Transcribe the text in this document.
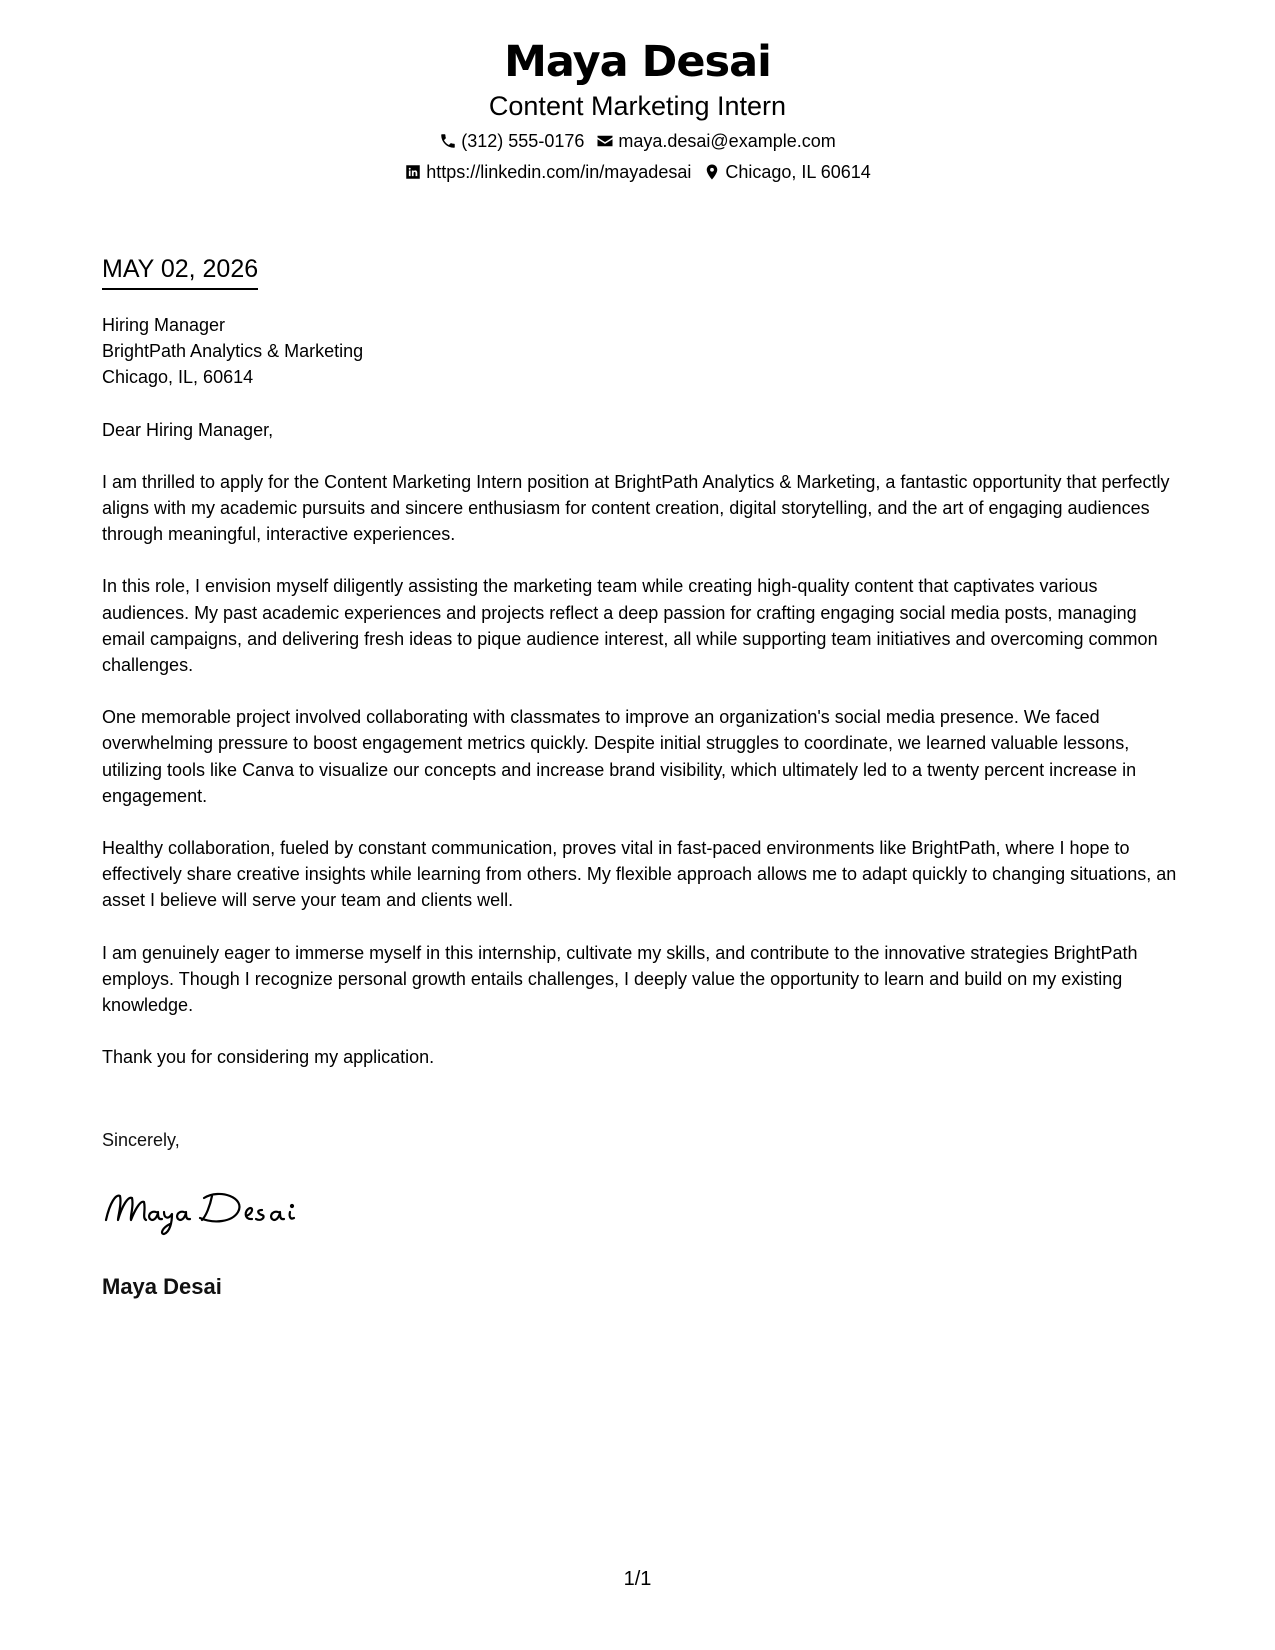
Maya Desai
Content Marketing Intern
(312) 555-0176 maya.desai@example.com
https://linkedin.com/in/mayadesai Chicago, IL 60614
MAY 02, 2026
Hiring Manager
BrightPath Analytics & Marketing
Chicago, IL, 60614

Dear Hiring Manager,

I am thrilled to apply for the Content Marketing Intern position at BrightPath Analytics & Marketing, a fantastic opportunity that perfectly aligns with my academic pursuits and sincere enthusiasm for content creation, digital storytelling, and the art of engaging audiences through meaningful, interactive experiences.

In this role, I envision myself diligently assisting the marketing team while creating high-quality content that captivates various audiences. My past academic experiences and projects reflect a deep passion for crafting engaging social media posts, managing email campaigns, and delivering fresh ideas to pique audience interest, all while supporting team initiatives and overcoming common challenges.

One memorable project involved collaborating with classmates to improve an organization's social media presence. We faced overwhelming pressure to boost engagement metrics quickly. Despite initial struggles to coordinate, we learned valuable lessons, utilizing tools like Canva to visualize our concepts and increase brand visibility, which ultimately led to a twenty percent increase in engagement.

Healthy collaboration, fueled by constant communication, proves vital in fast-paced environments like BrightPath, where I hope to effectively share creative insights while learning from others. My flexible approach allows me to adapt quickly to changing situations, an asset I believe will serve your team and clients well.

I am genuinely eager to immerse myself in this internship, cultivate my skills, and contribute to the innovative strategies BrightPath employs. Though I recognize personal growth entails challenges, I deeply value the opportunity to learn and build on my existing knowledge.

Thank you for considering my application.

Sincerely,
Maya Desai
1/1
